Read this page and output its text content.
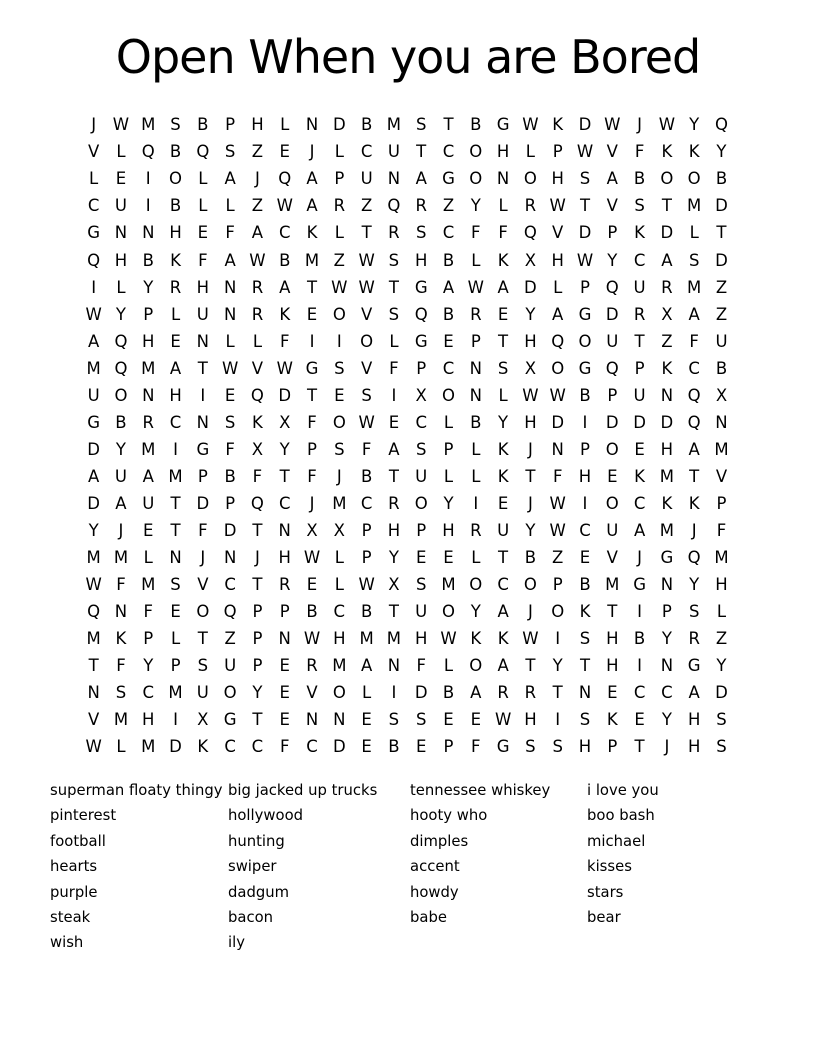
Open When you are Bored
J	W M S B	P H L	N D B M S	T	B G W K D W	J	W Y Q
V	L Q B Q S Z E	J	L	C U T C O H L	P W V	F	K K	Y
L	E	I	O L	A	J	Q A	P U N A G O N O H S A B O O B
C U	I	B	L	L	Z W A R Z Q R Z	Y	L	R W T	V S	T M D
G N N H E	F	A C K	L	T	R S C	F	F Q V D P	K D L	T
Q H B K	F	A W B M Z W S H B	L	K X H W Y C A S D
I	L	Y	R H N R A	T W W T G A W A D L	P Q U R M Z
W Y	P	L	U N R K	E O V S Q B R E	Y	A G D R X A Z
A Q H E N	L	L	F	I	I	O L G E	P	T H Q O U T	Z	F	U
M Q M A	T W V W G S V	F	P	C N S X O G Q P	K C B
U O N H	I	E Q D T	E	S	I	X O N	L W W B	P U N Q X
G B R C N S	K X	F O W E C	L	B	Y H D	I	D D D Q N
D Y M	I	G F	X	Y	P	S	F	A S	P	L	K	J	N P O E H A M
A U A M P	B	F	T	F	J	B	T U	L	L	K	T	F H E	K M T	V
D A U T D P Q C	J	M C R O Y	I	E	J	W	I	O C K K	P
Y	J	E	T	F D T N X X	P H P H R U Y W C U A M	J	F
M M L	N	J	N	J	H W L	P	Y	E	E	L	T	B Z E V	J	G Q M
W F M S V C T	R E	L W X S M O C O P	B M G N Y H
Q N F	E O Q P	P	B C B	T U O Y	A	J	O K	T	I	P	S	L
M K	P	L	T	Z	P N W H M M H W K K W	I	S H B	Y	R Z
T	F	Y	P	S U P	E R M A N F	L O A	T	Y	T H	I	N G Y
N S C M U O Y	E V O L	I	D B A R R	T N E C C A D
V M H	I	X G T	E N N E	S	S	E	E W H	I	S	K	E	Y H S
W L M D K C C	F	C D E B E	P	F G S	S H P	T	J	H S
superman floaty thingy
pinterest
football
hearts
purple
steak
wish
big jacked up trucks
hollywood
hunting
swiper
dadgum
bacon
ily
tennessee whiskey
hooty who
dimples
accent
howdy
babe
i love you
boo bash
michael
kisses
stars
bear
